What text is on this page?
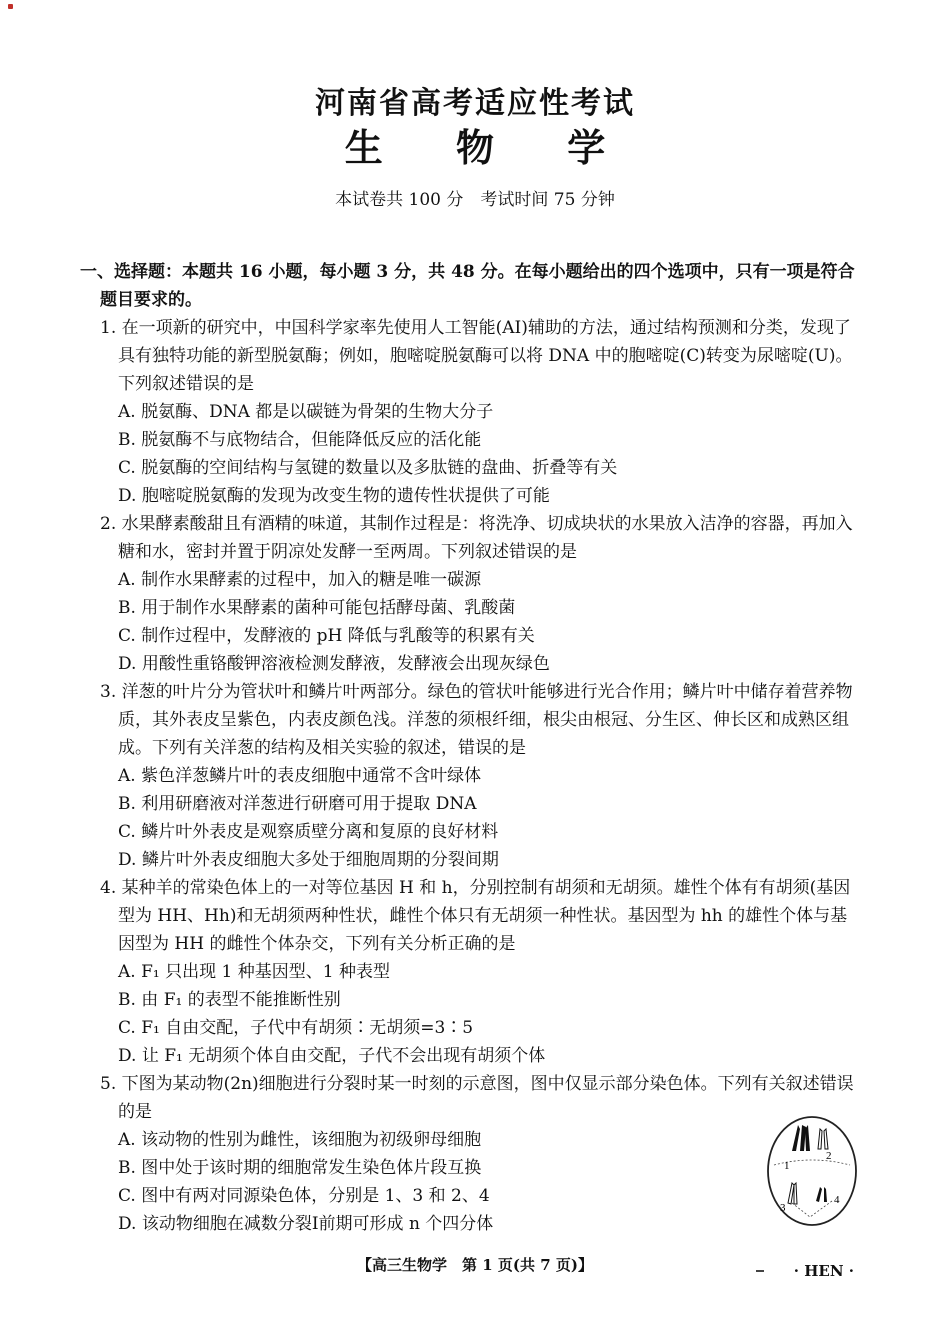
河南省高考适应性考试
生 物 学
本试卷共 100 分　考试时间 75 分钟
一、选择题：本题共 16 小题，每小题 3 分，共 48 分。在每小题给出的四个选项中，只有一项是符合题目要求的。
1. 在一项新的研究中，中国科学家率先使用人工智能(AI)辅助的方法，通过结构预测和分类，发现了具有独特功能的新型脱氨酶；例如，胞嘧啶脱氨酶可以将 DNA 中的胞嘧啶(C)转变为尿嘧啶(U)。下列叙述错误的是
A. 脱氨酶、DNA 都是以碳链为骨架的生物大分子
B. 脱氨酶不与底物结合，但能降低反应的活化能
C. 脱氨酶的空间结构与氢键的数量以及多肽链的盘曲、折叠等有关
D. 胞嘧啶脱氨酶的发现为改变生物的遗传性状提供了可能
2. 水果酵素酸甜且有酒精的味道，其制作过程是：将洗净、切成块状的水果放入洁净的容器，再加入糖和水，密封并置于阴凉处发酵一至两周。下列叙述错误的是
A. 制作水果酵素的过程中，加入的糖是唯一碳源
B. 用于制作水果酵素的菌种可能包括酵母菌、乳酸菌
C. 制作过程中，发酵液的 pH 降低与乳酸等的积累有关
D. 用酸性重铬酸钾溶液检测发酵液，发酵液会出现灰绿色
3. 洋葱的叶片分为管状叶和鳞片叶两部分。绿色的管状叶能够进行光合作用；鳞片叶中储存着营养物质，其外表皮呈紫色，内表皮颜色浅。洋葱的须根纤细，根尖由根冠、分生区、伸长区和成熟区组成。下列有关洋葱的结构及相关实验的叙述，错误的是
A. 紫色洋葱鳞片叶的表皮细胞中通常不含叶绿体
B. 利用研磨液对洋葱进行研磨可用于提取 DNA
C. 鳞片叶外表皮是观察质壁分离和复原的良好材料
D. 鳞片叶外表皮细胞大多处于细胞周期的分裂间期
4. 某种羊的常染色体上的一对等位基因 H 和 h，分别控制有胡须和无胡须。雄性个体有有胡须(基因型为 HH、Hh)和无胡须两种性状，雌性个体只有无胡须一种性状。基因型为 hh 的雄性个体与基因型为 HH 的雌性个体杂交，下列有关分析正确的是
A. F₁ 只出现 1 种基因型、1 种表型
B. 由 F₁ 的表型不能推断性别
C. F₁ 自由交配，子代中有胡须∶无胡须=3∶5
D. 让 F₁ 无胡须个体自由交配，子代不会出现有胡须个体
5. 下图为某动物(2n)细胞进行分裂时某一时刻的示意图，图中仅显示部分染色体。下列有关叙述错误的是
A. 该动物的性别为雌性，该细胞为初级卵母细胞
B. 图中处于该时期的细胞常发生染色体片段互换
C. 图中有两对同源染色体，分别是 1、3 和 2、4
D. 该动物细胞在减数分裂Ⅰ前期可形成 n 个四分体
1
2
3
4
【高三生物学　第 1 页(共 7 页)】	· HEN ·
